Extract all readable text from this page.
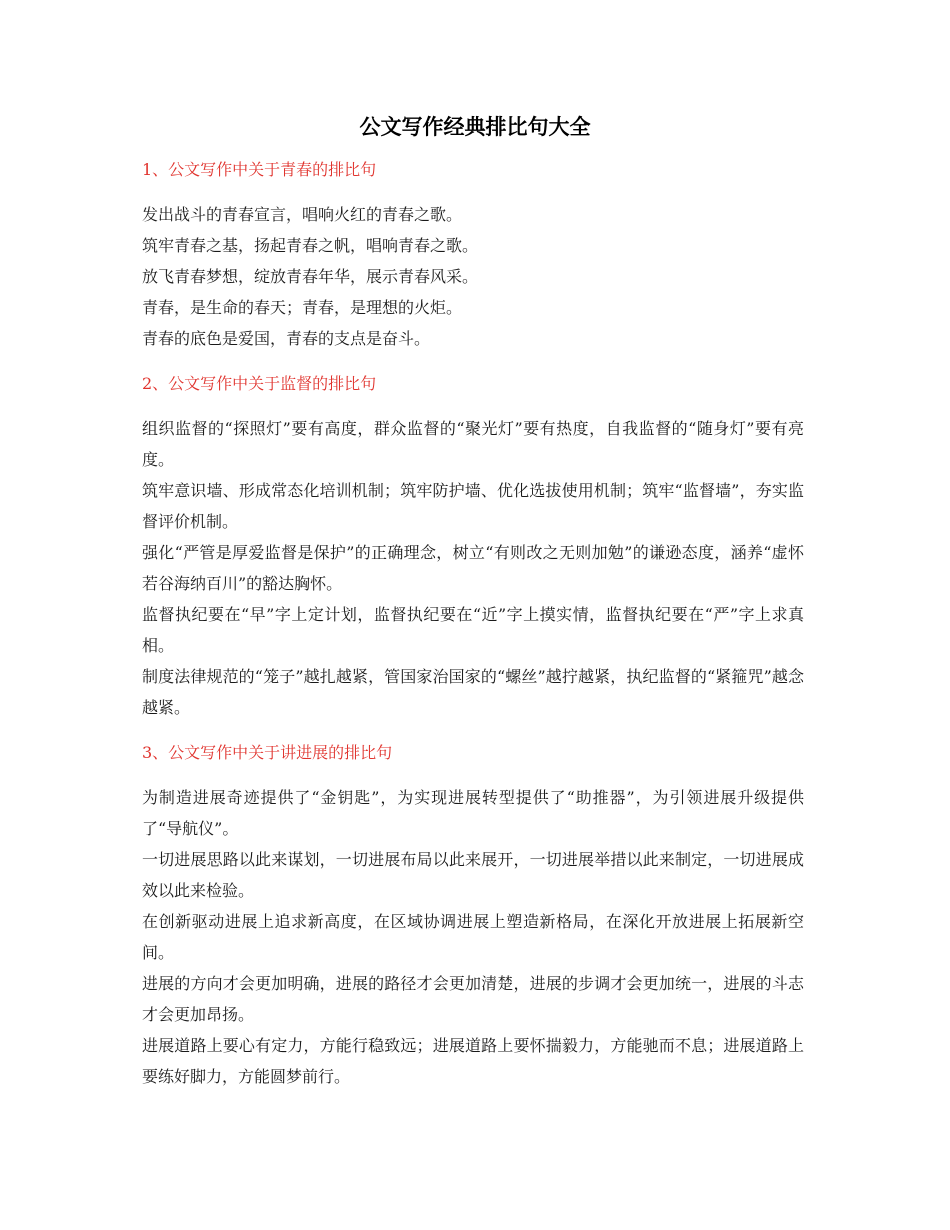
公文写作经典排比句大全
1、公文写作中关于青春的排比句

发出战斗的青春宣言，唱响火红的青春之歌。

筑牢青春之基，扬起青春之帆，唱响青春之歌。

放飞青春梦想，绽放青春年华，展示青春风采。

青春，是生命的春天；青春，是理想的火炬。

青春的底色是爱国，青春的支点是奋斗。

2、公文写作中关于监督的排比句

组织监督的“探照灯”要有高度，群众监督的“聚光灯”要有热度，自我监督的“随身灯”要有亮度。

筑牢意识墙、形成常态化培训机制；筑牢防护墙、优化选拔使用机制；筑牢“监督墙”，夯实监督评价机制。

强化“严管是厚爱监督是保护”的正确理念，树立“有则改之无则加勉”的谦逊态度，涵养“虚怀若谷海纳百川”的豁达胸怀。

监督执纪要在“早”字上定计划，监督执纪要在“近”字上摸实情，监督执纪要在“严”字上求真相。

制度法律规范的“笼子”越扎越紧，管国家治国家的“螺丝”越拧越紧，执纪监督的“紧箍咒”越念越紧。

3、公文写作中关于讲进展的排比句

为制造进展奇迹提供了“金钥匙”，为实现进展转型提供了“助推器”，为引领进展升级提供了“导航仪”。

一切进展思路以此来谋划，一切进展布局以此来展开，一切进展举措以此来制定，一切进展成效以此来检验。

在创新驱动进展上追求新高度，在区域协调进展上塑造新格局，在深化开放进展上拓展新空间。

进展的方向才会更加明确，进展的路径才会更加清楚，进展的步调才会更加统一，进展的斗志才会更加昂扬。

进展道路上要心有定力，方能行稳致远；进展道路上要怀揣毅力，方能驰而不息；进展道路上要练好脚力，方能圆梦前行。
